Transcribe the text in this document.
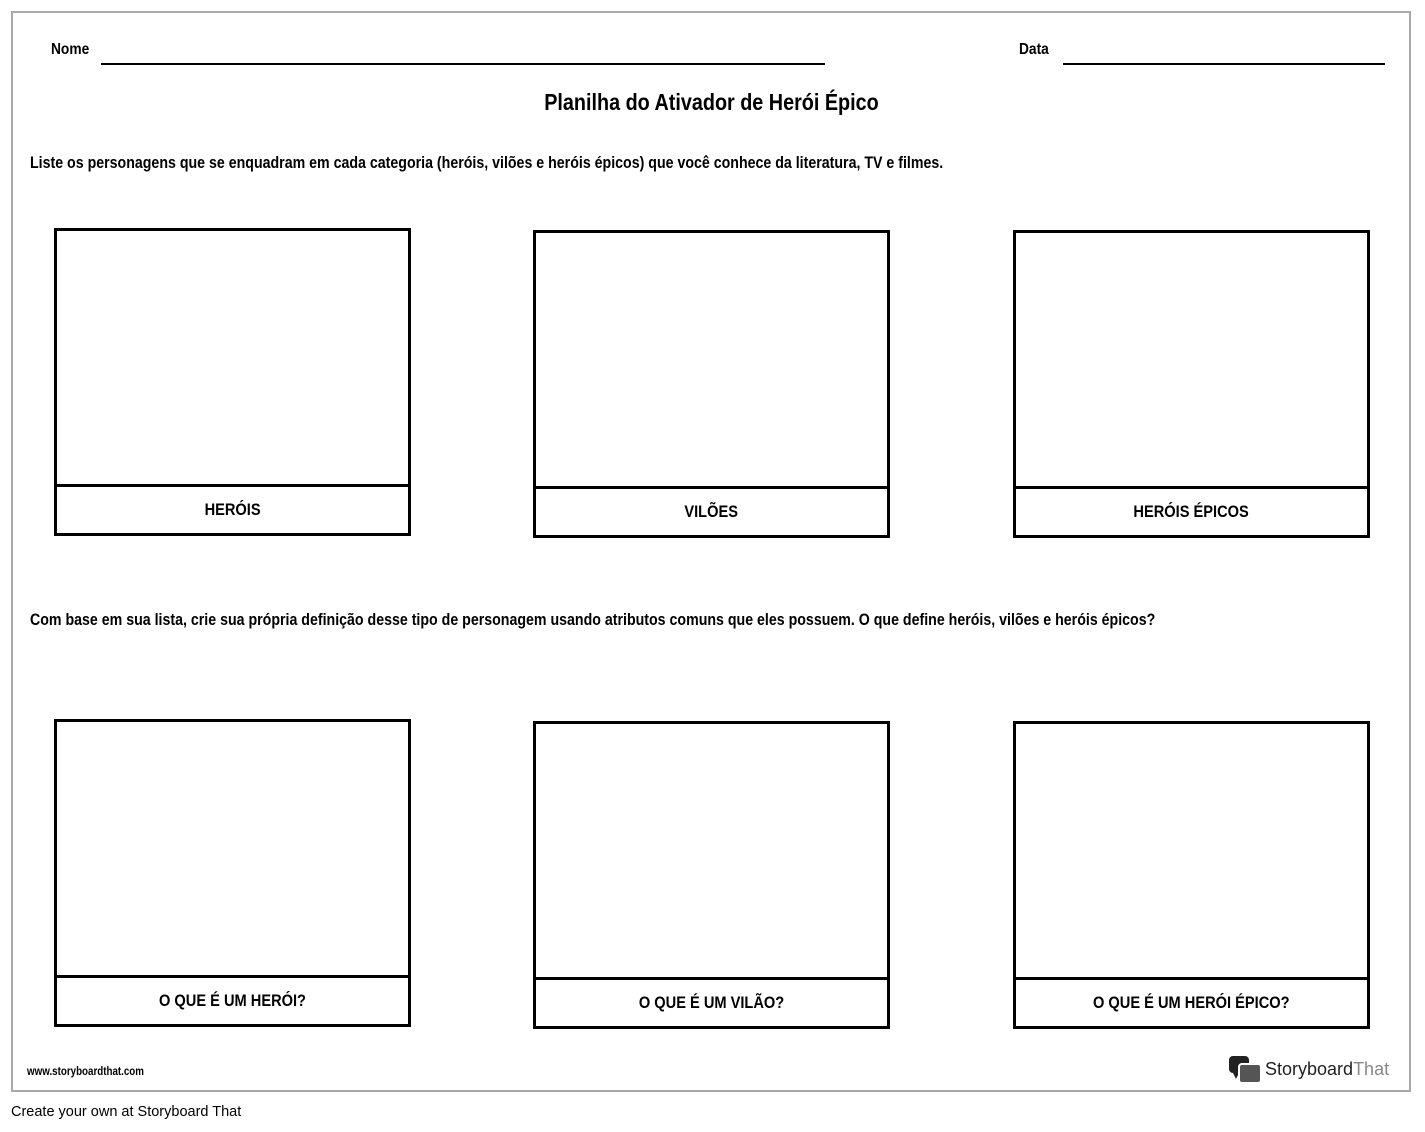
Nome	Data
Planilha do Ativador de Herói Épico
Liste os personagens que se enquadram em cada categoria (heróis, vilões e heróis épicos) que você conhece da literatura, TV e filmes.
HERÓIS	VILÕES	HERÓIS ÉPICOS
Com base em sua lista, crie sua própria definição desse tipo de personagem usando atributos comuns que eles possuem. O que define heróis, vilões e heróis épicos?
O QUE É UM HERÓI?	O QUE É UM VILÃO?	O QUE É UM HERÓI ÉPICO?
www.storyboardthat.com	StoryboardThat
Create your own at Storyboard That
